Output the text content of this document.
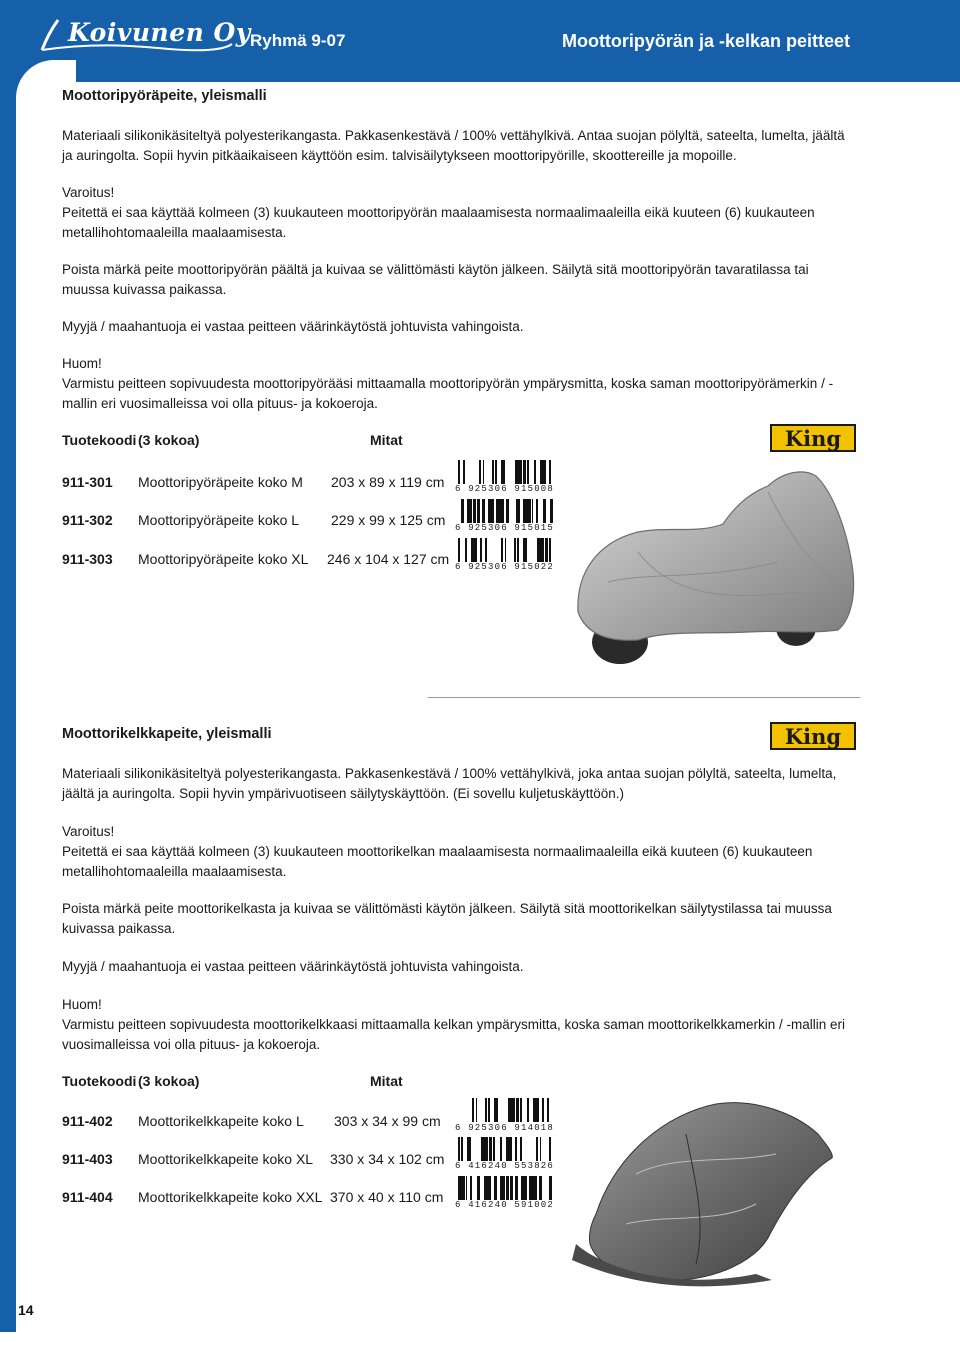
Koivunen Oy Ryhmä 9-07	Moottoripyörän ja -kelkan peitteet
14
Moottoripyöräpeite, yleismalli

Materiaali silikonikäsiteltyä polyesterikangasta. Pakkasenkestävä / 100% vettähylkivä. Antaa suojan pölyltä, sateelta, lumelta, jäältä ja auringolta. Sopii hyvin pitkäaikaiseen käyttöön esim. talvisäilytykseen moottoripyörille, skoottereille ja mopoille.

Varoitus!
Peitettä ei saa käyttää kolmeen (3) kuukauteen moottoripyörän maalaamisesta normaalimaaleilla eikä kuuteen (6) kuukauteen metallihohtomaaleilla maalaamisesta.

Poista märkä peite moottoripyörän päältä ja kuivaa se välittömästi käytön jälkeen. Säilytä sitä moottoripyörän tavaratilassa tai muussa kuivassa paikassa.

Myyjä / maahantuoja ei vastaa peitteen väärinkäytöstä johtuvista vahingoista.

Huom!
Varmistu peitteen sopivuudesta moottoripyörääsi mittaamalla moottoripyörän ympärysmitta, koska saman moottoripyörämerkin / -mallin eri vuosimalleissa voi olla pituus- ja kokoeroja.
Tuotekoodi (3 kokoa)	Mitat	King
911-301 Moottoripyöräpeite koko M 203 x 89 x 119 cm
911-302 Moottoripyöräpeite koko L 229 x 99 x 125 cm
911-303 Moottoripyöräpeite koko XL 246 x 104 x 127 cm
6 925306 915008
6 925306 915015
6 925306 915022
Moottorikelkkapeite, yleismalli	King

Materiaali silikonikäsiteltyä polyesterikangasta. Pakkasenkestävä / 100% vettähylkivä, joka antaa suojan pölyltä, sateelta, lumelta, jäältä ja auringolta. Sopii hyvin ympärivuotiseen säilytyskäyttöön. (Ei sovellu kuljetuskäyttöön.)

Varoitus!
Peitettä ei saa käyttää kolmeen (3) kuukauteen moottorikelkan maalaamisesta normaalimaaleilla eikä kuuteen (6) kuukauteen metallihohtomaaleilla maalaamisesta.

Poista märkä peite moottorikelkasta ja kuivaa se välittömästi käytön jälkeen. Säilytä sitä moottorikelkan säilytystilassa tai muussa kuivassa paikassa.

Myyjä / maahantuoja ei vastaa peitteen väärinkäytöstä johtuvista vahingoista.

Huom!
Varmistu peitteen sopivuudesta moottorikelkkaasi mittaamalla kelkan ympärysmitta, koska saman moottorikelkkamerkin / -mallin eri vuosimalleissa voi olla pituus- ja kokoeroja.
Tuotekoodi (3 kokoa)	Mitat
911-402 Moottorikelkkapeite koko L 303 x 34 x 99 cm
911-403 Moottorikelkkapeite koko XL 330 x 34 x 102 cm
911-404 Moottorikelkkapeite koko XXL 370 x 40 x 110 cm
6 925306 914018
6 416240 553826
6 416240 591002
